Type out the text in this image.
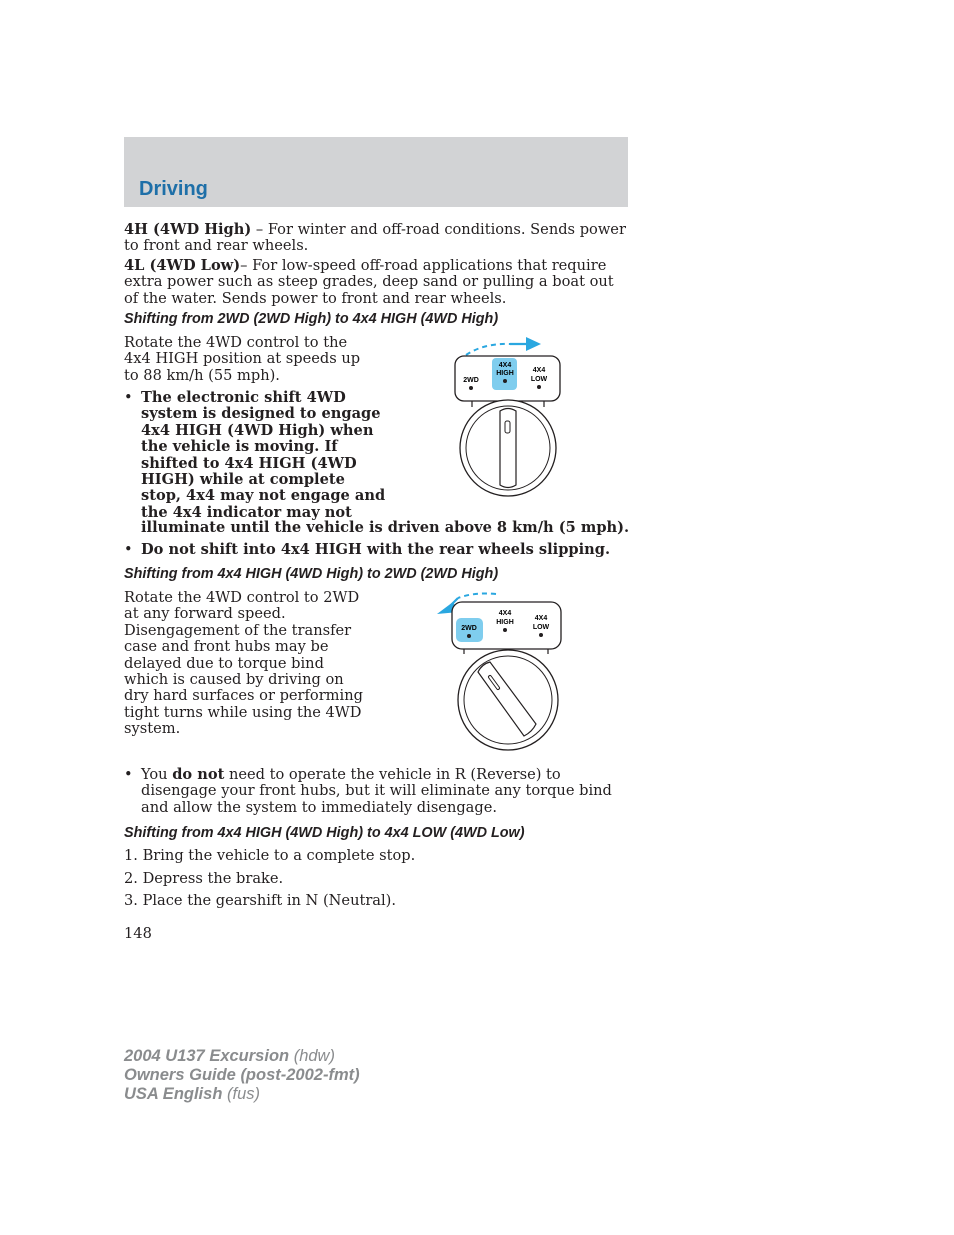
Driving
4H (4WD High) – For winter and off-road conditions. Sends power to front and rear wheels.
4L (4WD Low)– For low-speed off-road applications that require extra power such as steep grades, deep sand or pulling a boat out of the water. Sends power to front and rear wheels.
Shifting from 2WD (2WD High) to 4x4 HIGH (4WD High)
Rotate the 4WD control to the 4x4 HIGH position at speeds up to 88 km/h (55 mph).
• The electronic shift 4WD system is designed to engage 4x4 HIGH (4WD High) when the vehicle is moving. If shifted to 4x4 HIGH (4WD HIGH) while at complete stop, 4x4 may not engage and the 4x4 indicator may not
illuminate until the vehicle is driven above 8 km/h (5 mph).
• Do not shift into 4x4 HIGH with the rear wheels slipping.
2WD
4X4
HIGH	4X4
LOW
Shifting from 4x4 HIGH (4WD High) to 2WD (2WD High)
Rotate the 4WD control to 2WD at any forward speed. Disengagement of the transfer case and front hubs may be delayed due to torque bind which is caused by driving on dry hard surfaces or performing tight turns while using the 4WD system.
2WD
4X4
HIGH
4X4
LOW
• You do not need to operate the vehicle in R (Reverse) to disengage your front hubs, but it will eliminate any torque bind and allow the system to immediately disengage.
Shifting from 4x4 HIGH (4WD High) to 4x4 LOW (4WD Low)
1. Bring the vehicle to a complete stop.
2. Depress the brake.
3. Place the gearshift in N (Neutral).
148
2004 U137 Excursion (hdw)
Owners Guide (post-2002-fmt)
USA English (fus)
